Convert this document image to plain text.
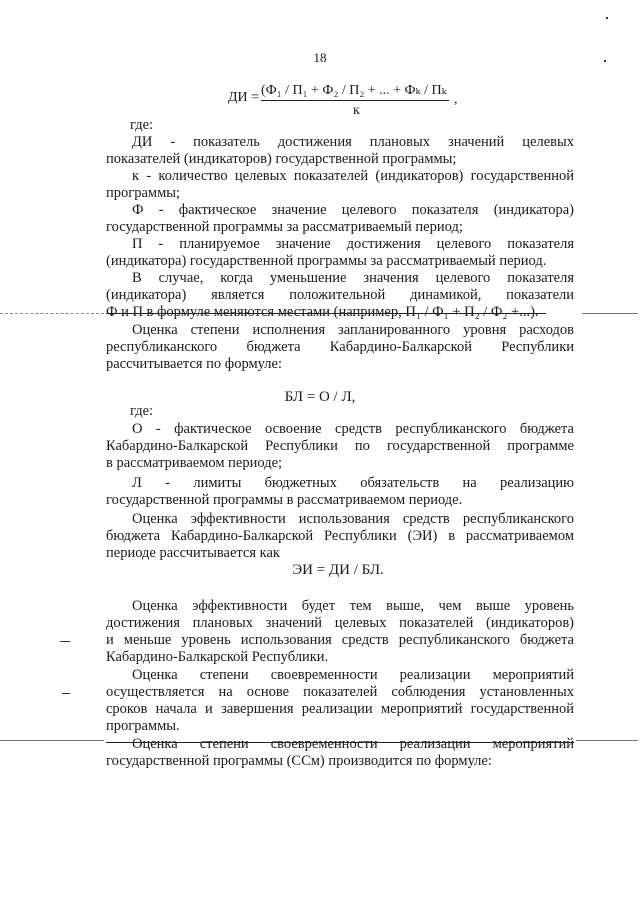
18
ДИ = (Ф₁ / П₁ + Ф₂ / П₂ + ... + Фₖ / Пₖ
к
,
где:
ДИ - показатель достижения плановых значений целевых
показателей (индикаторов) государственной программы;
к - количество целевых показателей (индикаторов) государственной
программы;
Ф - фактическое значение целевого показателя (индикатора)
государственной программы за рассматриваемый период;
П - планируемое значение достижения целевого показателя
(индикатора) государственной программы за рассматриваемый период.
В случае, когда уменьшение значения целевого показателя
(индикатора) является положительной динамикой, показатели
Ф и П в формуле меняются местами (например, П₁ / Ф₁ + П₂ / Ф₂ +...).
Оценка степени исполнения запланированного уровня расходов
республиканского бюджета Кабардино-Балкарской Республики
рассчитывается по формуле:
БЛ = О / Л,
где:
О - фактическое освоение средств республиканского бюджета
Кабардино-Балкарской Республики по государственной программе
в рассматриваемом периоде;
Л - лимиты бюджетных обязательств на реализацию
государственной программы в рассматриваемом периоде.
Оценка эффективности использования средств республиканского
бюджета Кабардино-Балкарской Республики (ЭИ) в рассматриваемом
периоде рассчитывается как
ЭИ = ДИ / БЛ.
Оценка эффективности будет тем выше, чем выше уровень
достижения плановых значений целевых показателей (индикаторов)
и меньше уровень использования средств республиканского бюджета
Кабардино-Балкарской Республики.
Оценка степени своевременности реализации мероприятий
осуществляется на основе показателей соблюдения установленных
сроков начала и завершения реализации мероприятий государственной
программы.
Оценка степени своевременности реализации мероприятий
государственной программы (ССм) производится по формуле:
